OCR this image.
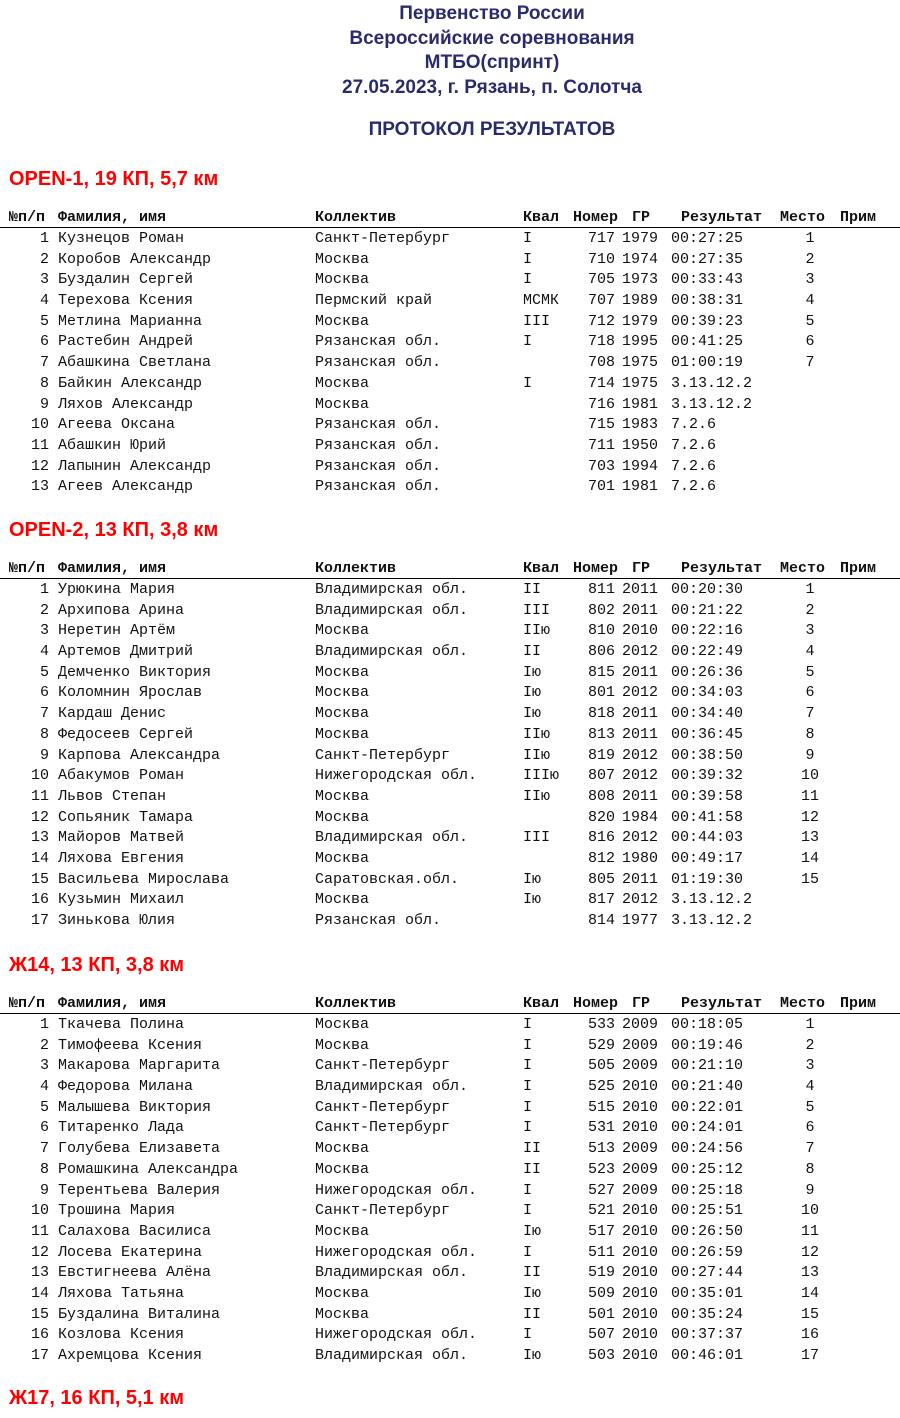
Первенство России
Всероссийские соревнования
МТБО(спринт)
27.05.2023, г. Рязань, п. Солотча
ПРОТОКОЛ РЕЗУЛЬТАТОВ
OPEN-1, 19 КП, 5,7 км
№п/п Фамилия, имя	Коллектив	Квал Номер ГР Результат Место Прим
1 Кузнецов Роман	Санкт-Петербург	I	717 1979 00:27:25	1
2 Коробов Александр	Москва	I	710 1974 00:27:35	2
3 Буздалин Сергей	Москва	I	705 1973 00:33:43	3
4 Терехова Ксения	Пермский край	МСМК	707 1989 00:38:31	4
5 Метлина Марианна	Москва	III	712 1979 00:39:23	5
6 Растебин Андрей	Рязанская обл.	I	718 1995 00:41:25	6
7 Абашкина Светлана	Рязанская обл.	708 1975 01:00:19	7
8 Байкин Александр	Москва	I	714 1975 3.13.12.2
9 Ляхов Александр	Москва	716 1981 3.13.12.2
10 Агеева Оксана	Рязанская обл.	715 1983 7.2.6
11 Абашкин Юрий	Рязанская обл.	711 1950 7.2.6
12 Лапынин Александр	Рязанская обл.	703 1994 7.2.6
13 Агеев Александр	Рязанская обл.	701 1981 7.2.6
OPEN-2, 13 КП, 3,8 км
№п/п Фамилия, имя	Коллектив	Квал Номер ГР Результат Место Прим
1 Урюкина Мария	Владимирская обл.	II	811 2011 00:20:30	1
2 Архипова Арина	Владимирская обл.	III	802 2011 00:21:22	2
3 Неретин Артём	Москва	IIю	810 2010 00:22:16	3
4 Артемов Дмитрий	Владимирская обл.	II	806 2012 00:22:49	4
5 Демченко Виктория	Москва	Iю	815 2011 00:26:36	5
6 Коломнин Ярослав	Москва	Iю	801 2012 00:34:03	6
7 Кардаш Денис	Москва	Iю	818 2011 00:34:40	7
8 Федосеев Сергей	Москва	IIю	813 2011 00:36:45	8
9 Карпова Александра	Санкт-Петербург	IIю	819 2012 00:38:50	9
10 Абакумов Роман	Нижегородская обл.	IIIю	807 2012 00:39:32	10
11 Львов Степан	Москва	IIю	808 2011 00:39:58	11
12 Сопьяник Тамара	Москва	820 1984 00:41:58	12
13 Майоров Матвей	Владимирская обл.	III	816 2012 00:44:03	13
14 Ляхова Евгения	Москва	812 1980 00:49:17	14
15 Васильева Мирослава	Саратовская.обл.	Iю	805 2011 01:19:30	15
16 Кузьмин Михаил	Москва	Iю	817 2012 3.13.12.2
17 Зинькова Юлия	Рязанская обл.	814 1977 3.13.12.2
Ж14, 13 КП, 3,8 км
№п/п Фамилия, имя	Коллектив	Квал Номер ГР Результат Место Прим
1 Ткачева Полина	Москва	I	533 2009 00:18:05	1
2 Тимофеева Ксения	Москва	I	529 2009 00:19:46	2
3 Макарова Маргарита	Санкт-Петербург	I	505 2009 00:21:10	3
4 Федорова Милана	Владимирская обл.	I	525 2010 00:21:40	4
5 Малышева Виктория	Санкт-Петербург	I	515 2010 00:22:01	5
6 Титаренко Лада	Санкт-Петербург	I	531 2010 00:24:01	6
7 Голубева Елизавета	Москва	II	513 2009 00:24:56	7
8 Ромашкина Александра	Москва	II	523 2009 00:25:12	8
9 Терентьева Валерия	Нижегородская обл.	I	527 2009 00:25:18	9
10 Трошина Мария	Санкт-Петербург	I	521 2010 00:25:51	10
11 Салахова Василиса	Москва	Iю	517 2010 00:26:50	11
12 Лосева Екатерина	Нижегородская обл.	I	511 2010 00:26:59	12
13 Евстигнеева Алёна	Владимирская обл.	II	519 2010 00:27:44	13
14 Ляхова Татьяна	Москва	Iю	509 2010 00:35:01	14
15 Буздалина Виталина	Москва	II	501 2010 00:35:24	15
16 Козлова Ксения	Нижегородская обл.	I	507 2010 00:37:37	16
17 Ахремцова Ксения	Владимирская обл.	Iю	503 2010 00:46:01	17
Ж17, 16 КП, 5,1 км
